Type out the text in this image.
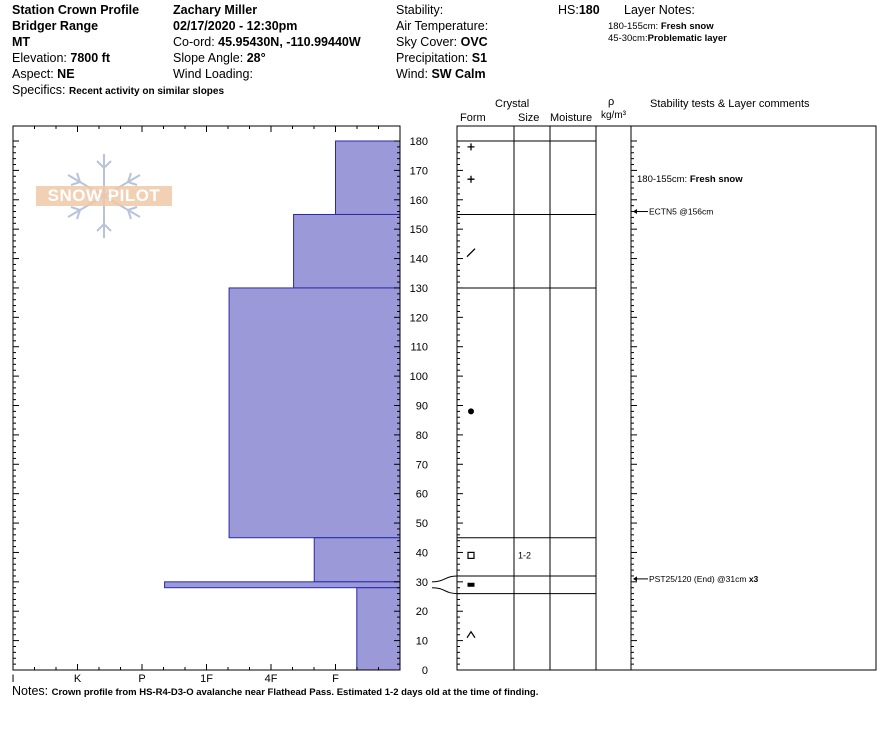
Station Crown Profile
Bridger Range
MT
Elevation: 7800 ft
Aspect: NE
Specifics: Recent activity on similar slopes
Zachary Miller
02/17/2020 - 12:30pm
Co-ord: 45.95430N, -110.99440W
Slope Angle: 28°
Wind Loading:
Stability:
Air Temperature:
Sky Cover: OVC
Precipitation: S1
Wind: SW Calm
HS:180 Layer Notes:
180-155cm: Fresh snow
45-30cm:Problematic layer
Crystal
Form	Size Moisture
ρ
kg/m³
Stability tests & Layer comments
0
10
20
30
40
50
60
70
80
90
100
110
120
130
140
150
160
170
180
I	K	P	1F	4F	F
1-2
180-155cm: Fresh snow
ECTN5 @156cm
PST25/120 (End) @31cm x3
SNOW PILOT
Notes: Crown profile from HS-R4-D3-O avalanche near Flathead Pass. Estimated 1-2 days old at the time of finding.
